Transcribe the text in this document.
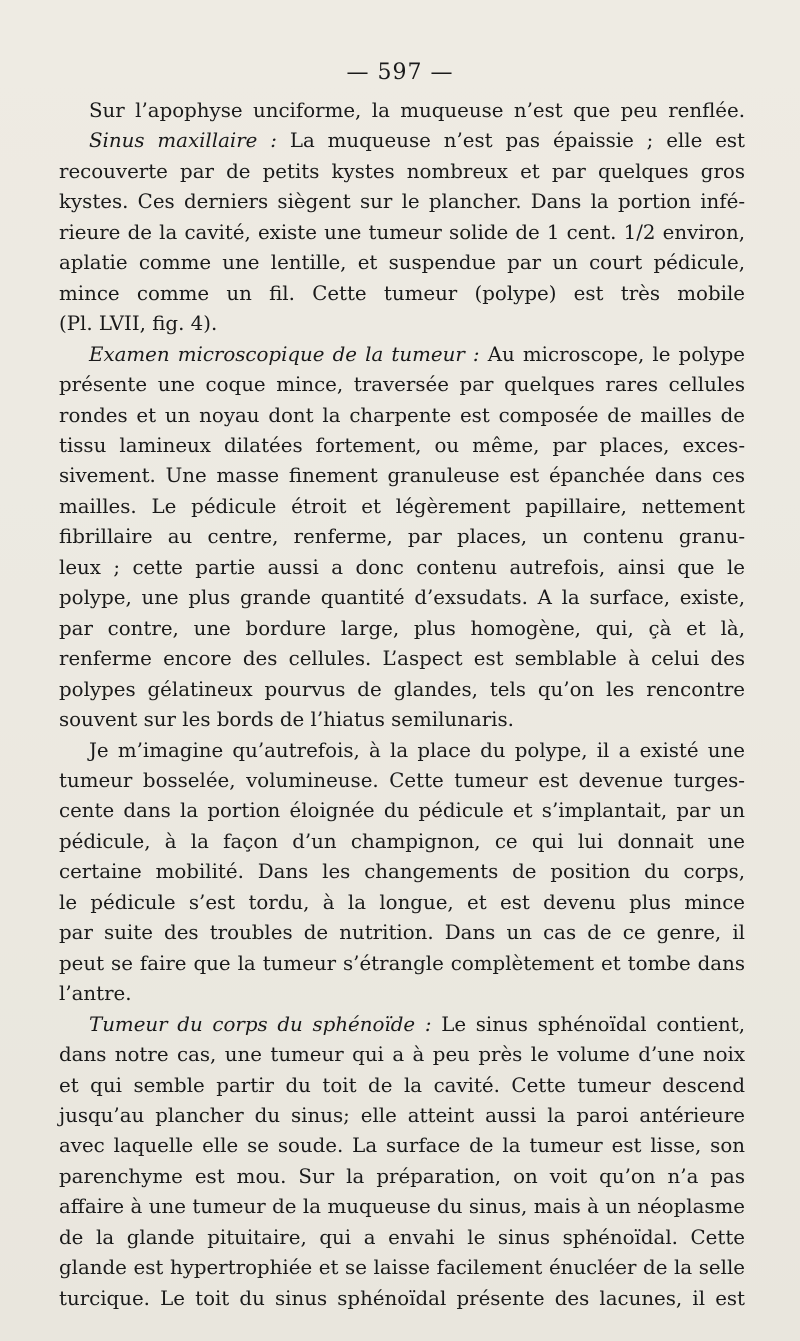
— 597 —
Sur l’apophyse unciforme, la muqueuse n’est que peu renflée.
Sinus maxillaire : La muqueuse n’est pas épaissie ; elle est
recouverte par de petits kystes nombreux et par quelques gros
kystes. Ces derniers siègent sur le plancher. Dans la portion infé-
rieure de la cavité, existe une tumeur solide de 1 cent. 1/2 environ,
aplatie comme une lentille, et suspendue par un court pédicule,
mince comme un fil. Cette tumeur (polype) est très mobile
(Pl. LVII, fig. 4).
Examen microscopique de la tumeur : Au microscope, le polype
présente une coque mince, traversée par quelques rares cellules
rondes et un noyau dont la charpente est composée de mailles de
tissu lamineux dilatées fortement, ou même, par places, exces-
sivement. Une masse finement granuleuse est épanchée dans ces
mailles. Le pédicule étroit et légèrement papillaire, nettement
fibrillaire au centre, renferme, par places, un contenu granu-
leux ; cette partie aussi a donc contenu autrefois, ainsi que le
polype, une plus grande quantité d’exsudats. A la surface, existe,
par contre, une bordure large, plus homogène, qui, çà et là,
renferme encore des cellules. L’aspect est semblable à celui des
polypes gélatineux pourvus de glandes, tels qu’on les rencontre
souvent sur les bords de l’hiatus semilunaris.
Je m’imagine qu’autrefois, à la place du polype, il a existé une
tumeur bosselée, volumineuse. Cette tumeur est devenue turges-
cente dans la portion éloignée du pédicule et s’implantait, par un
pédicule, à la façon d’un champignon, ce qui lui donnait une
certaine mobilité. Dans les changements de position du corps,
le pédicule s’est tordu, à la longue, et est devenu plus mince
par suite des troubles de nutrition. Dans un cas de ce genre, il
peut se faire que la tumeur s’étrangle complètement et tombe dans
l’antre.
Tumeur du corps du sphénoïde : Le sinus sphénoïdal contient,
dans notre cas, une tumeur qui a à peu près le volume d’une noix
et qui semble partir du toit de la cavité. Cette tumeur descend
jusqu’au plancher du sinus; elle atteint aussi la paroi antérieure
avec laquelle elle se soude. La surface de la tumeur est lisse, son
parenchyme est mou. Sur la préparation, on voit qu’on n’a pas
affaire à une tumeur de la muqueuse du sinus, mais à un néoplasme
de la glande pituitaire, qui a envahi le sinus sphénoïdal. Cette
glande est hypertrophiée et se laisse facilement énucléer de la selle
turcique. Le toit du sinus sphénoïdal présente des lacunes, il est
